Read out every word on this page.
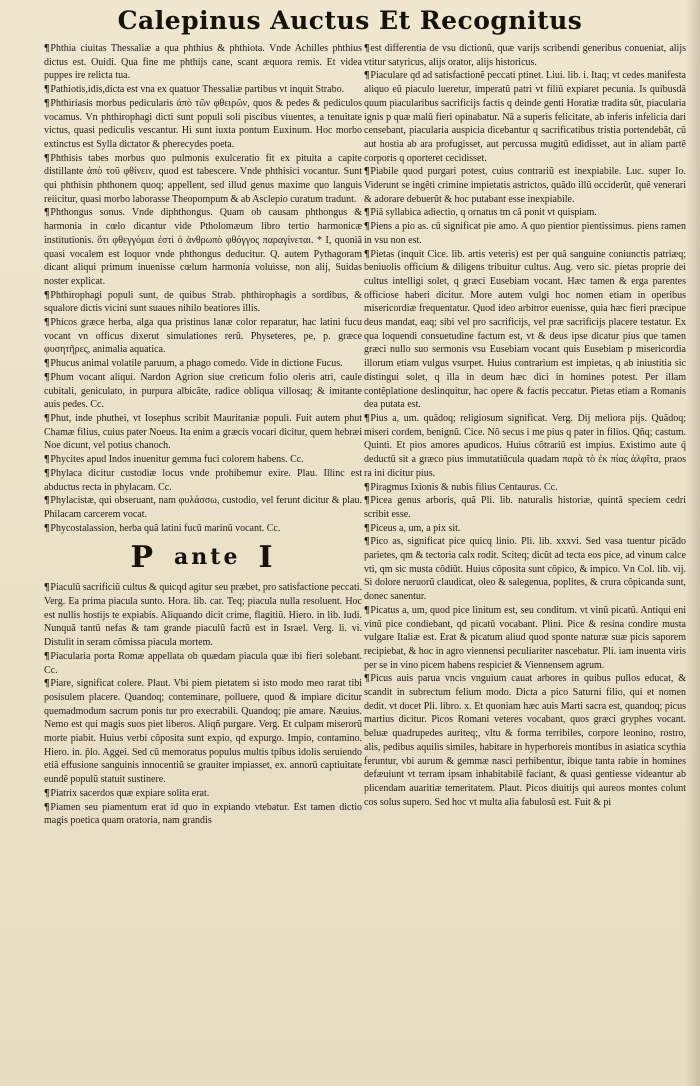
Calepinus Auctus Et Recognitus

¶Phthia ciuitas Thessaliæ a qua phthius & phthiota. Vnde Achilles phthius dictus est. Ouidi. Qua fine me phthijs cane, scant æquora remis. Et videa puppes ire relicta tua.

¶Pathiotis,idis,dicta est vna ex quatuor Thessaliæ partibus vt inquit Strabo.

¶Phthiriasis morbus pedicularis ἀπὸ τῶν φθειρῶν, quos & pedes & pediculos vocamus. Vn phthirophagi dicti sunt populi soli piscibus viuentes, a tenuitate victus, quasi pediculis vescantur. Hi sunt iuxta pontum Euxinum. Hoc morbo extinctus est Sylla dictator & pherecydes poeta.

¶Phthisis tabes morbus quo pulmonis exulceratio fit ex pituita a capite distillante ἀπὸ τοῦ φθίνειν, quod est tabescere. Vnde phthisici vocantur. Sunt qui phthisin phthonem quoq; appellent, sed illud genus maxime quo languis reiicitur, quasi morbo laborasse Theopompum & ab Asclepio curatum tradunt.

¶Phthongus sonus. Vnde diphthongus. Quam ob causam phthongus & harmonia in cœlo dicantur vide Ptholomæum libro tertio harmonicæ institutionis. ὅτι φθεγγόμαι ἐστὶ ὁ ἀνθρωπὸ φθόγγος παραγίνεται. * I, quoniã quasi vocalem est loquor vnde phthongus deducitur. Q. autem Pythagoram dicant aliqui primum inuenisse cœlum harmonia voluisse, non alij, Suidas noster explicat.

¶Phthirophagi populi sunt, de quibus Strab. phthirophagis a sordibus, & squalore dictis vicini sunt suaues nihilo beatiores illis.

¶Phicos græce herba, alga qua pristinus lanæ color reparatur, hac latini fucu vocant vn officus dixerut simulationes rerũ. Physeteres, pe, p. græce φυσητῆρες, animalia aquatica.

¶Phucus animal volatile paruum, a phago comedo. Vide in dictione Fucus.

¶Phum vocant aliqui. Nardon Agrion siue creticum folio oleris atri, caule cubitali, geniculato, in purpura albicãte, radice obliqua villosaq; & imitante auis pedes. Cc.

¶Phut, inde phuthei, vt Iosephus scribit Mauritaniæ populi. Fuit autem phut Chamæ filius, cuius pater Noeus. Ita enim a græcis vocari dicitur, quem hebræi Noe dicunt, vel potius chanoch.

¶Phycites apud Indos inuenitur gemma fuci colorem habens. Cc.

¶Phylaca dicitur custodiæ locus vnde prohibemur exire. Plau. Illinc est abductus recta in phylacam. Cc.

¶Phylacistæ, qui obseruant, nam φυλάσσω, custodio, vel ferunt dicitur & plau. Philacam carcerem vocat.

¶Phycostalassion, herba quã latini fucũ marinũ vocant. Cc.

P ante I

¶Piaculũ sacrificiũ cultus & quicqd agitur seu præbet, pro satisfactione peccati. Verg. Ea prima piacula sunto. Hora. lib. car. Teq; piacula nulla resoluent. Hoc est nullis hostijs te expiabis. Aliquando dicit crime, flagitiũ. Hiero. in lib. Iudi. Nunquã tantũ nefas & tam grande piaculũ factũ est in Israel. Verg. li. vi. Distulit in seram cõmissa piacula mortem.

¶Piacularia porta Romæ appellata ob quædam piacula quæ ibi fieri solebant. Cc.

¶Piare, significat colere. Plaut. Vbi piem pietatem si isto modo meo rarat tibi posisulem placere. Quandoq; conteminare, polluere, quod & impiare dicitur quemadmodum sacrum ponis tur pro execrabili. Quandoq; pie amare. Næuius. Nemo est qui magis suos piet liberos. Aliqñ purgare. Verg. Et culpam miserorũ morte piabit. Huius verbi cõposita sunt expio, qd expurgo. Impio, contamino. Hiero. in. p̃lo. Aggei. Sed cũ memoratus populus multis tpibus idolis seruiendo etiã effusione sanguinis innocentiũ se grauiter impiasset, ex. annorũ captiuitate eundẽ populũ statuit sustinere.

¶Piatrix sacerdos quæ expiare solita erat.

¶Piamen seu piamentum erat id quo in expiando vtebatur. Est tamen dictio magis poetica quam oratoria, nam grandis

¶est differentia de vsu dictionũ, quæ varijs scribendi generibus conueniat, alijs vtitur satyricus, alijs orator, alijs historicus.

¶Piaculare qd ad satisfactionẽ peccati ptinet. Liui. lib. i. Itaq; vt cedes manifesta aliquo eũ piaculo lueretur, imperatũ patri vt filiũ expiaret pecunia. Is quibusdã quum piacularibus sacrificijs factis q deinde genti Horatiæ tradita sũt, piacularia ignis p quæ malũ fieri opinabatur. Nã a superis felicitate, ab inferis infelicia dari censebant, piacularia auspicia dicebantur q sacrificatibus tristia portendebãt, cũ aut hostia ab ara profugisset, aut percussa mugitũ edidisset, aut in aliam partẽ corporis q oporteret cecidisset.

¶Piabile quod purgari potest, cuius contrariũ est inexpiabile. Luc. super Io. Viderunt se ingẽti crimine impietatis astrictos, quãdo illũ occiderũt, quẽ venerari & adorare debuerũt & hoc putabant esse inexpiabile.

¶Piã syllabica adiectio, q ornatus tm cã ponit vt quispiam.

¶Piens a pio as. cũ significat pie amo. A quo pientior pientissimus. piens ramen in vsu non est.

¶Pietas (inquit Cice. lib. artis veteris) est per quã sanguine coniunctis patriæq; beniuolis officium & diligens tribuitur cultus. Aug. vero sic. pietas proprie dei cultus intelligi solet, q græci Eusebiam vocant. Hæc tamen & erga parentes officiose haberi dicitur. More autem vulgi hoc nomen etiam in operibus misericordiæ frequentatur. Quod ideo arbitror euenisse, quia hæc fieri præcipue deus mandat, eaq; sibi vel pro sacrificijs, vel præ sacrificijs placere testatur. Ex qua loquendi consuetudine factum est, vt & deus ipse dicatur pius que tamen græci nullo suo sermonis vsu Eusebiam vocant quis Eusebiam p misericordia illorum etiam vulgus vsurpet. Huius contrarium est impietas, q ab iniustitia sic distingui solet, q illa in deum hæc dici in homines potest. Per illam contẽplatione deslinquitur, hac opere & factis peccatur. Pietas etiam a Romanis dea putata est.

¶Pius a, um. quãdoq; religiosum significat. Verg. Dij meliora pijs. Quãdoq; miseri cordem, benignũ. Cice. Nõ secus i me pius q pater in filios. Qñq; castum. Quinti. Et pios amores apudicos. Huius cõtrariũ est impius. Existimo aute q̃ deductũ sit a græco pius immutatiũcula quadam παρὰ τὸ ἐκ πίας ἀλφῖτα, praos ra ini dicitur pius.

¶Piragmus Ixionis & nubis filius Centaurus. Cc.

¶Picea genus arboris, quã Pli. lib. naturalis historiæ, quintã speciem cedri scribit esse.

¶Piceus a, um, a pix sit.

¶Pico as, significat pice quicq linio. Pli. lib. xxxvi. Sed vasa tuentur picãdo parietes, qm & tectoria calx rodit. Sciteq; dicũt ad tecta eos pice, ad vinum calce vti, qm sic musta cõdiũt. Huius cõposita sunt cõpico, & impico. Vn Col. lib. vij. Si dolore neruorũ claudicat, oleo & salegenua, poplites, & crura cõpicanda sunt, donec sanentur.

¶Picatus a, um, quod pice linitum est, seu conditum. vt vinũ picatũ. Antiqui eni vinũ pice condiebant, qd picatũ vocabant. Plini. Pice & resina condire musta vulgare Italiæ est. Erat & picatum aliud quod sponte naturæ suæ picis saporem recipiebat, & hoc in agro viennensi peculiariter nascebatur. Pli. iam inuenta viris per se in vino picem habens respiciet & Viennensem agrum.

¶Picus auis parua vncis vnguium cauat arbores in quibus pullos educat, & scandit in subrectum felium modo. Dicta a pico Saturni filio, qui et nomen dedit. vt docet Pli. libro. x. Et quoniam hæc auis Marti sacra est, quandoq; picus martius dicitur. Picos Romani veteres vocabant, quos græci gryphes vocant. beluæ quadrupedes auriteq;, vltu & forma terribiles, corpore leonino, rostro, alis, pedibus aquilis similes, habitare in hyperboreis montibus in asiatica scythia feruntur, vbi aurum & gemmæ nasci perhibentur, ibique tanta rabie in homines defæuiunt vt terram ipsam inhabitabilẽ faciant, & quasi gentiesse videantur ab plicendam auaritiæ temeritatem. Plaut. Picos diuitijs qui aureos montes colunt cos solus supero. Sed hoc vt multa alia fabulosũ est. Fuit & pi
